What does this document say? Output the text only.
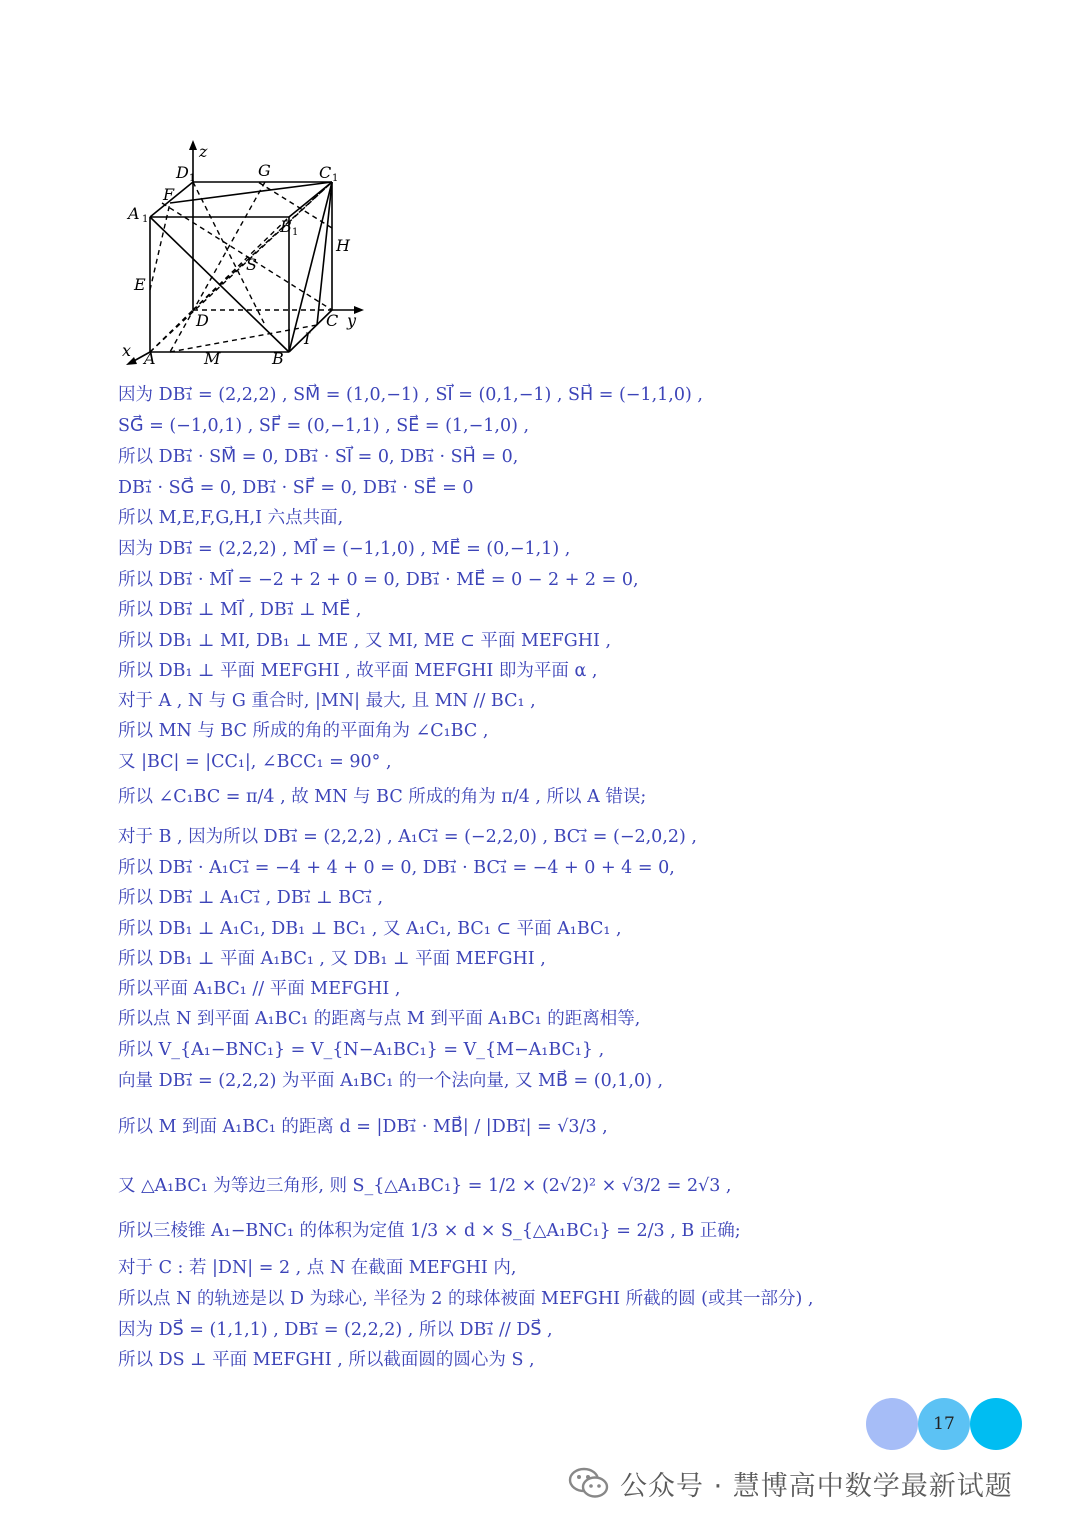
z
D	G	C
F
A
B
H
S
E
D	C y
I
x A	M	B
1	1
1
1
因为 DB₁⃗ = (2,2,2) , SM⃗ = (1,0,−1) , SI⃗ = (0,1,−1) , SH⃗ = (−1,1,0) ,
SG⃗ = (−1,0,1) , SF⃗ = (0,−1,1) , SE⃗ = (1,−1,0) ,
所以 DB₁⃗ · SM⃗ = 0, DB₁⃗ · SI⃗ = 0, DB₁⃗ · SH⃗ = 0,
DB₁⃗ · SG⃗ = 0, DB₁⃗ · SF⃗ = 0, DB₁⃗ · SE⃗ = 0
所以 M,E,F,G,H,I 六点共面,
因为 DB₁⃗ = (2,2,2) , MI⃗ = (−1,1,0) , ME⃗ = (0,−1,1) ,
所以 DB₁⃗ · MI⃗ = −2 + 2 + 0 = 0, DB₁⃗ · ME⃗ = 0 − 2 + 2 = 0,
所以 DB₁⃗ ⊥ MI⃗ , DB₁⃗ ⊥ ME⃗ ,
所以 DB₁ ⊥ MI, DB₁ ⊥ ME , 又 MI, ME ⊂ 平面 MEFGHI ,
所以 DB₁ ⊥ 平面 MEFGHI , 故平面 MEFGHI 即为平面 α ,
对于 A , N 与 G 重合时, |MN| 最大, 且 MN // BC₁ ,
所以 MN 与 BC 所成的角的平面角为 ∠C₁BC ,
又 |BC| = |CC₁|, ∠BCC₁ = 90° ,
所以 ∠C₁BC = π/4 , 故 MN 与 BC 所成的角为 π/4 , 所以 A 错误;
对于 B , 因为所以 DB₁⃗ = (2,2,2) , A₁C₁⃗ = (−2,2,0) , BC₁⃗ = (−2,0,2) ,
所以 DB₁⃗ · A₁C₁⃗ = −4 + 4 + 0 = 0, DB₁⃗ · BC₁⃗ = −4 + 0 + 4 = 0,
所以 DB₁⃗ ⊥ A₁C₁⃗ , DB₁⃗ ⊥ BC₁⃗ ,
所以 DB₁ ⊥ A₁C₁, DB₁ ⊥ BC₁ , 又 A₁C₁, BC₁ ⊂ 平面 A₁BC₁ ,
所以 DB₁ ⊥ 平面 A₁BC₁ , 又 DB₁ ⊥ 平面 MEFGHI ,
所以平面 A₁BC₁ // 平面 MEFGHI ,
所以点 N 到平面 A₁BC₁ 的距离与点 M 到平面 A₁BC₁ 的距离相等,
所以 V_{A₁−BNC₁} = V_{N−A₁BC₁} = V_{M−A₁BC₁} ,
向量 DB₁⃗ = (2,2,2) 为平面 A₁BC₁ 的一个法向量, 又 MB⃗ = (0,1,0) ,
所以 M 到面 A₁BC₁ 的距离 d = |DB₁⃗ · MB⃗| / |DB₁⃗| = √3/3 ,
又 △A₁BC₁ 为等边三角形, 则 S_{△A₁BC₁} = 1/2 × (2√2)² × √3/2 = 2√3 ,
所以三棱锥 A₁−BNC₁ 的体积为定值 1/3 × d × S_{△A₁BC₁} = 2/3 , B 正确;
对于 C : 若 |DN| = 2 , 点 N 在截面 MEFGHI 内,
所以点 N 的轨迹是以 D 为球心, 半径为 2 的球体被面 MEFGHI 所截的圆 (或其一部分) ,
因为 DS⃗ = (1,1,1) , DB₁⃗ = (2,2,2) , 所以 DB₁⃗ // DS⃗ ,
所以 DS ⊥ 平面 MEFGHI , 所以截面圆的圆心为 S ,
17
公众号 · 慧博高中数学最新试题
